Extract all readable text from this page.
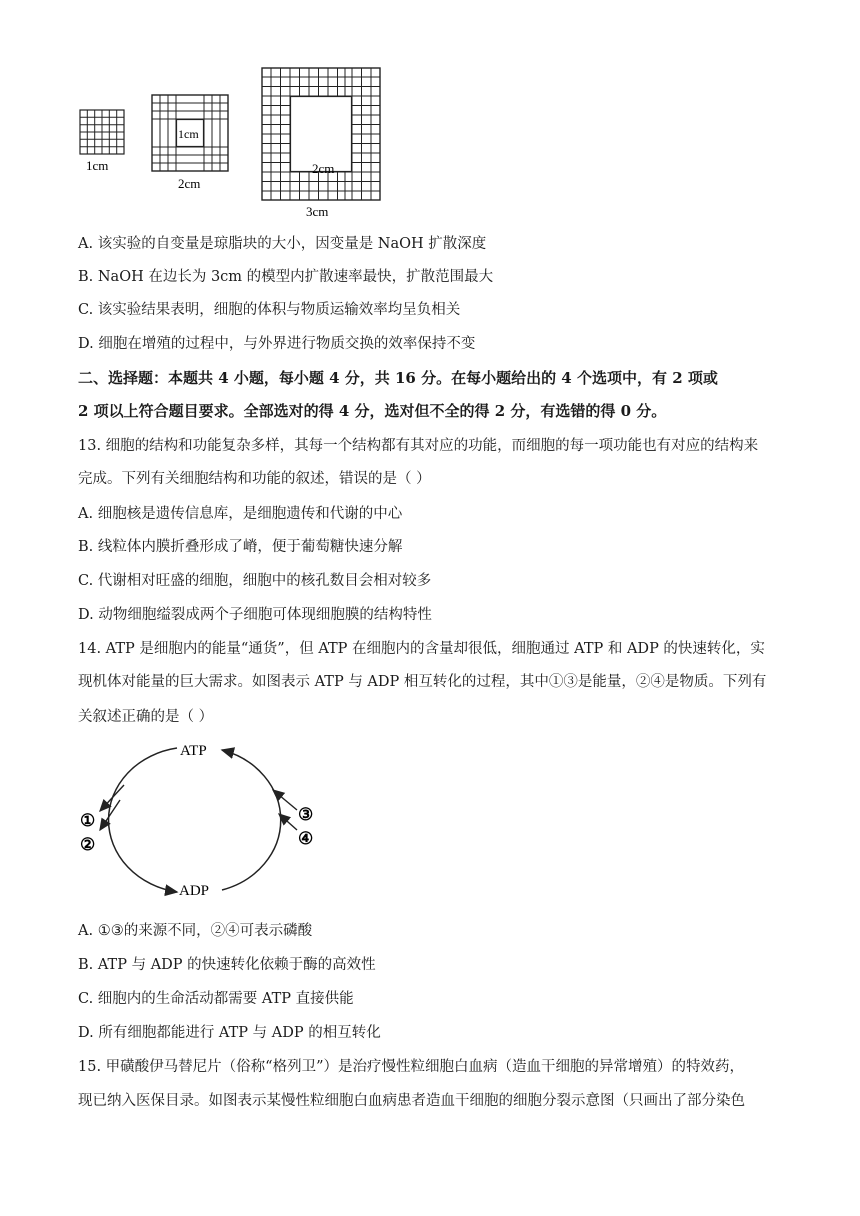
1cm
1cm
2cm
2cm
3cm
A. 该实验的自变量是琼脂块的大小，因变量是 NaOH 扩散深度
B. NaOH 在边长为 3cm 的模型内扩散速率最快，扩散范围最大
C. 该实验结果表明，细胞的体积与物质运输效率均呈负相关
D. 细胞在增殖的过程中，与外界进行物质交换的效率保持不变
二、选择题：本题共 4 小题，每小题 4 分，共 16 分。在每小题给出的 4 个选项中，有 2 项或
2 项以上符合题目要求。全部选对的得 4 分，选对但不全的得 2 分，有选错的得 0 分。
13. 细胞的结构和功能复杂多样，其每一个结构都有其对应的功能，而细胞的每一项功能也有对应的结构来
完成。下列有关细胞结构和功能的叙述，错误的是（ ）
A. 细胞核是遗传信息库，是细胞遗传和代谢的中心
B. 线粒体内膜折叠形成了嵴，便于葡萄糖快速分解
C. 代谢相对旺盛的细胞，细胞中的核孔数目会相对较多
D. 动物细胞缢裂成两个子细胞可体现细胞膜的结构特性
14. ATP 是细胞内的能量“通货”，但 ATP 在细胞内的含量却很低，细胞通过 ATP 和 ADP 的快速转化，实
现机体对能量的巨大需求。如图表示 ATP 与 ADP 相互转化的过程，其中①③是能量，②④是物质。下列有
关叙述正确的是（ ）
ATP
ADP
①
②
③
④
A. ①③的来源不同，②④可表示磷酸
B. ATP 与 ADP 的快速转化依赖于酶的高效性
C. 细胞内的生命活动都需要 ATP 直接供能
D. 所有细胞都能进行 ATP 与 ADP 的相互转化
15. 甲磺酸伊马替尼片（俗称“格列卫”）是治疗慢性粒细胞白血病（造血干细胞的异常增殖）的特效药，
现已纳入医保目录。如图表示某慢性粒细胞白血病患者造血干细胞的细胞分裂示意图（只画出了部分染色
